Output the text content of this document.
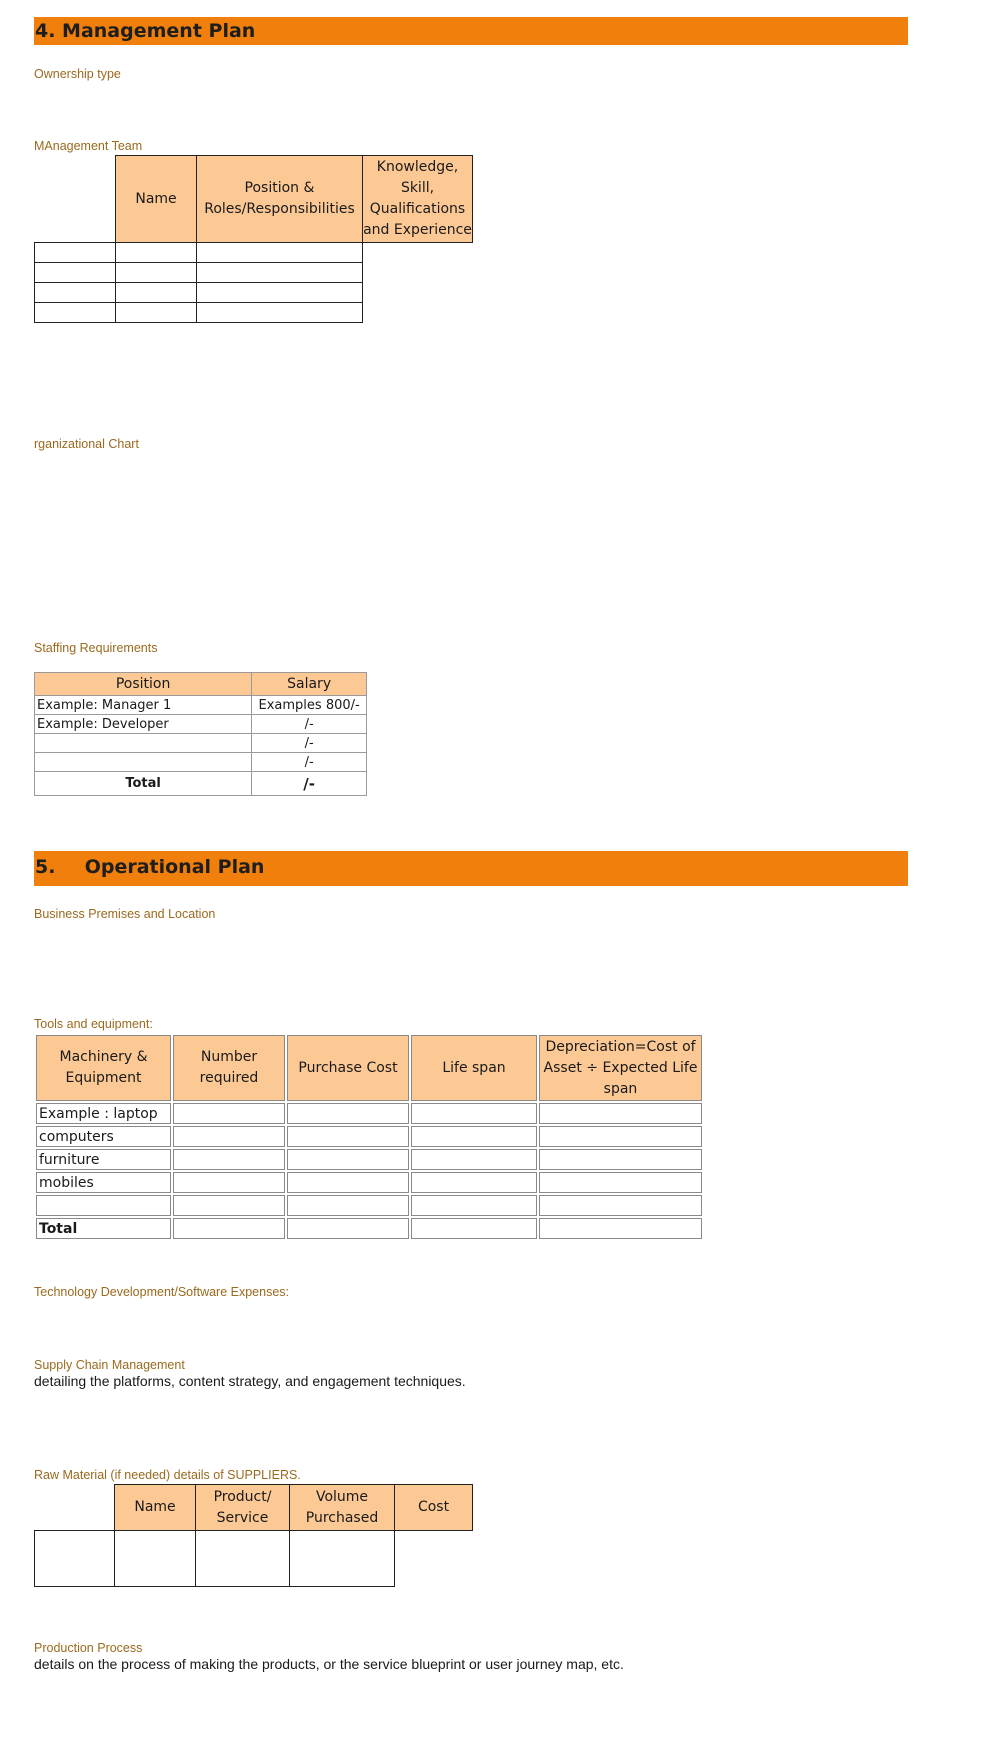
4. Management Plan
Ownership type
MAnagement Team
	Name	Position & Roles/Responsibilities	Knowledge, Skill, Qualifications and Experience

rganizational Chart
Staffing Requirements
Position	Salary
Example: Manager 1	Examples 800/-
Example: Developer	/-
	/-
	/-
Total	/-
5. Operational Plan
Business Premises and Location
Tools and equipment:
Machinery & Equipment	Number required	Purchase Cost	Life span	Depreciation=Cost of Asset ÷ Expected Life span
Example : laptop				
computers				
furniture				
mobiles				

Total				
Technology Development/Software Expenses:
Supply Chain Management
detailing the platforms, content strategy, and engagement techniques.
Raw Material (if needed) details of SUPPLIERS.
	Name	Product/ Service	Volume Purchased	Cost

Production Process
details on the process of making the products, or the service blueprint or user journey map, etc.
